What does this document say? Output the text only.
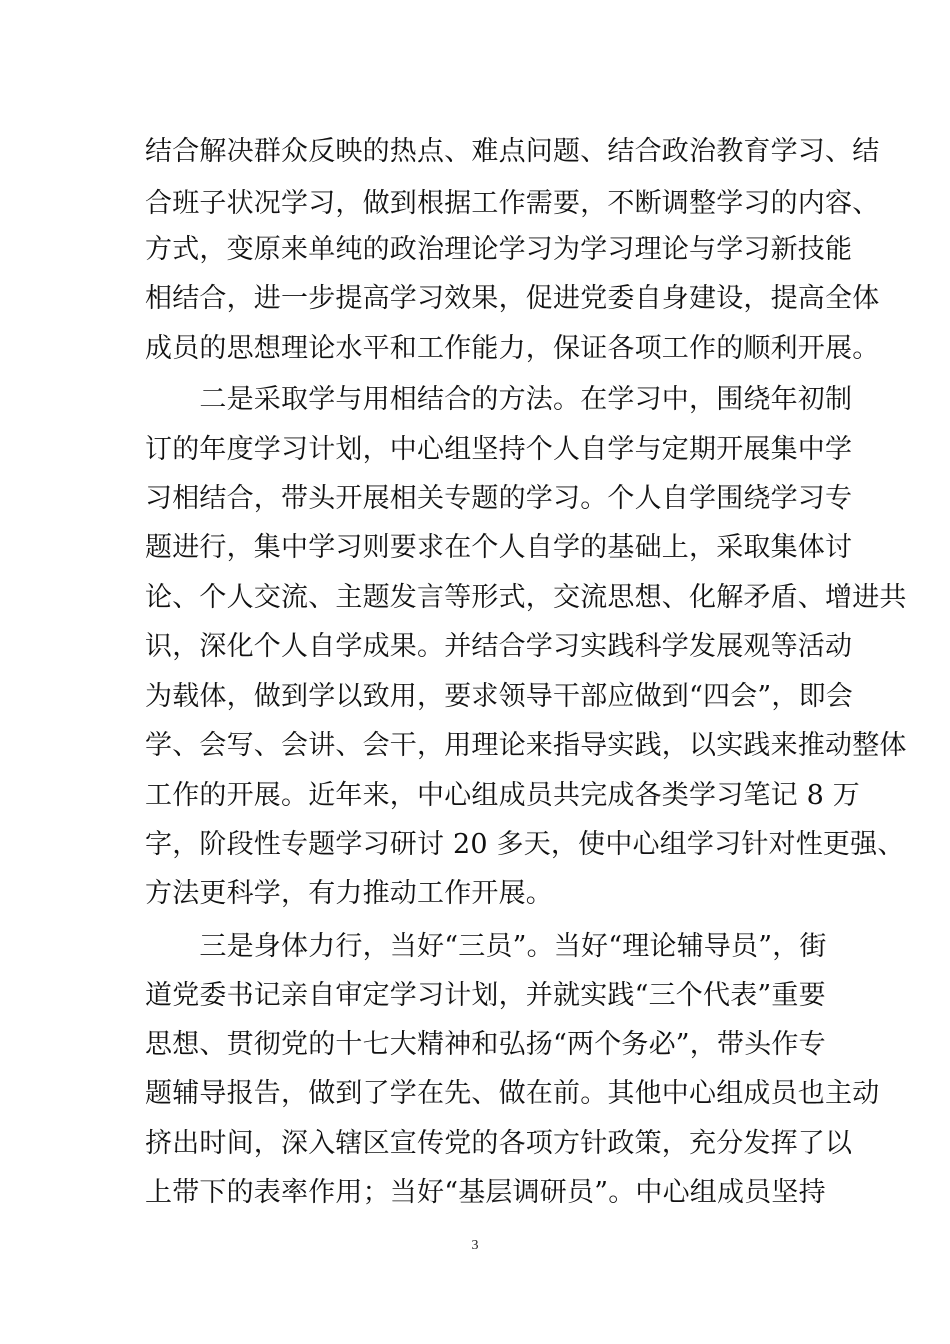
结合解决群众反映的热点、难点问题、结合政治教育学习、结
合班子状况学习，做到根据工作需要，不断调整学习的内容、
方式，变原来单纯的政治理论学习为学习理论与学习新技能
相结合，进一步提高学习效果，促进党委自身建设，提高全体
成员的思想理论水平和工作能力，保证各项工作的顺利开展。
　　二是采取学与用相结合的方法。在学习中，围绕年初制
订的年度学习计划，中心组坚持个人自学与定期开展集中学
习相结合，带头开展相关专题的学习。个人自学围绕学习专
题进行，集中学习则要求在个人自学的基础上，采取集体讨
论、个人交流、主题发言等形式，交流思想、化解矛盾、增进共
识，深化个人自学成果。并结合学习实践科学发展观等活动
为载体，做到学以致用，要求领导干部应做到“四会”，即会
学、会写、会讲、会干，用理论来指导实践，以实践来推动整体
工作的开展。近年来，中心组成员共完成各类学习笔记 8 万
字，阶段性专题学习研讨 20 多天，使中心组学习针对性更强、
方法更科学，有力推动工作开展。
　　三是身体力行，当好“三员”。当好“理论辅导员”，街
道党委书记亲自审定学习计划，并就实践“三个代表”重要
思想、贯彻党的十七大精神和弘扬“两个务必”，带头作专
题辅导报告，做到了学在先、做在前。其他中心组成员也主动
挤出时间，深入辖区宣传党的各项方针政策，充分发挥了以
上带下的表率作用；当好“基层调研员”。中心组成员坚持
3
